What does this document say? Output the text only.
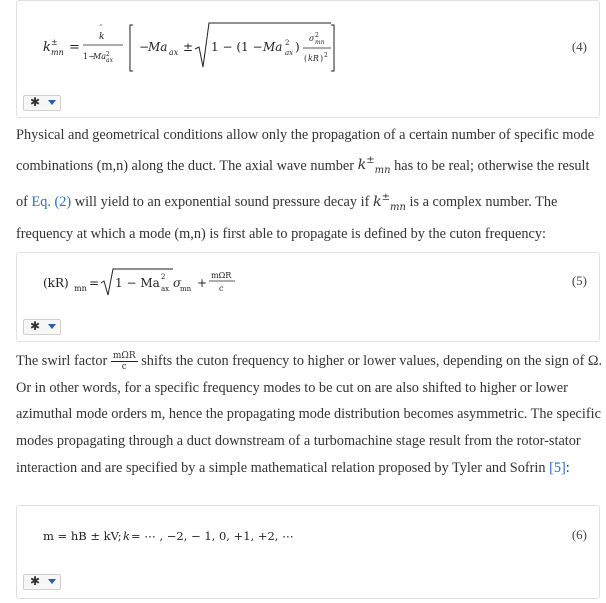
k ±
mn =
k
˜
1−
Ma 2
ax
−
Ma ax ± 1 − (1 − Ma 2
ax )
σ 2
mn
( kR ) 2
(4)
✱

Physical and geometrical conditions allow only the propagation of a certain number of specific mode combinations (m,n) along the duct. The axial wave number $k^\pm_{mn}$ has to be real; otherwise the result of Eq. (2) will yield to an exponential sound pressure decay if $k^\pm_{mn}$ is a complex number. The frequency at which a mode (m,n) is first able to propagate is defined by the cuton frequency:

(kR) mn = 1 − Ma 2
ax σ
mn +
mΩR
c
(5)
✱

The swirl factor $\frac{\text{mΩR}}{c}$ shifts the cuton frequency to higher or lower values, depending on the sign of Ω. Or in other words, for a specific frequency modes to be cut on are also shifted to higher or lower azimuthal mode orders m, hence the propagating mode distribution becomes asymmetric. The specific modes propagating through a duct downstream of a turbomachine stage result from the rotor-stator interaction and are specified by a simple mathematical relation proposed by Tyler and Sofrin [5]:

m = hB ± kV; k = ⋯ , −2, − 1, 0, +1, +2, ⋯	(6)
✱
